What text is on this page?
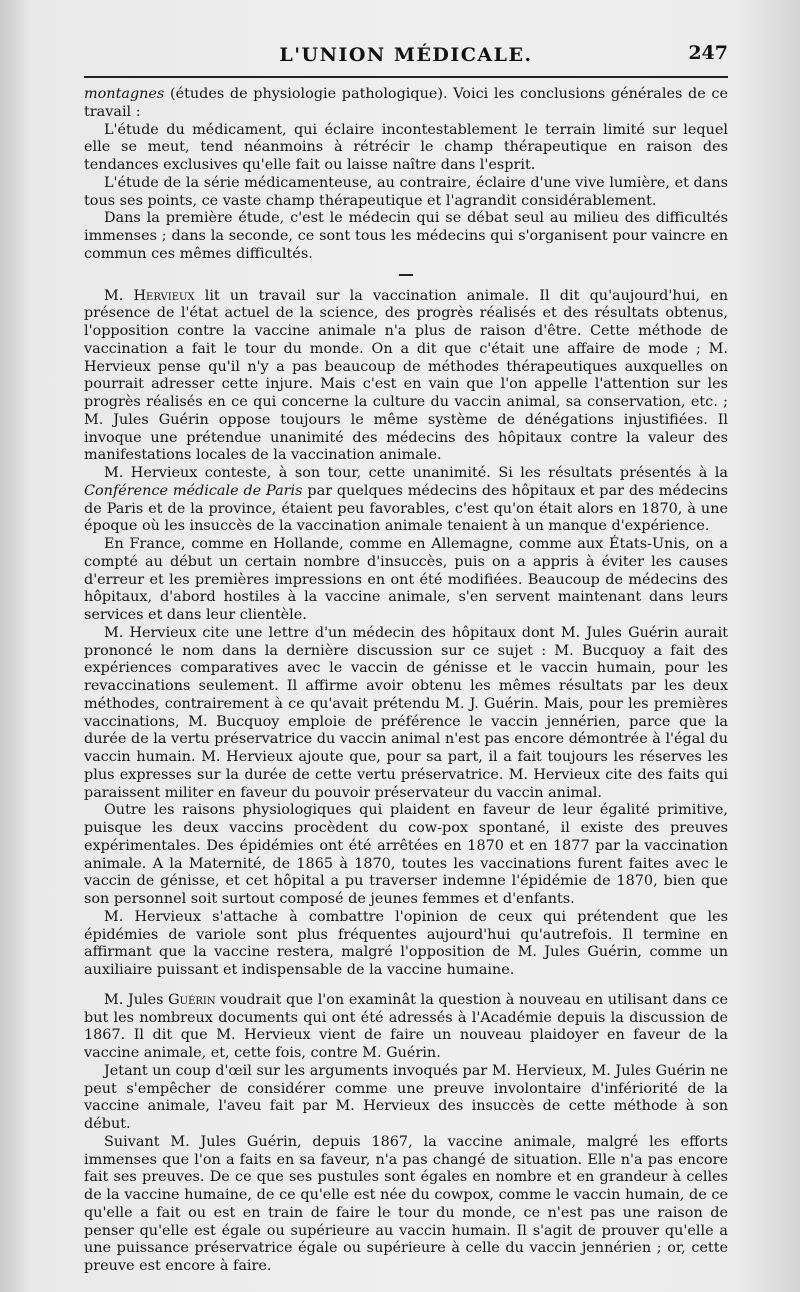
L'UNION MÉDICALE.	247

montagnes (études de physiologie pathologique). Voici les conclusions générales de ce travail :

L'étude du médicament, qui éclaire incontestablement le terrain limité sur lequel elle se meut, tend néanmoins à rétrécir le champ thérapeutique en raison des tendances exclusives qu'elle fait ou laisse naître dans l'esprit.

L'étude de la série médicamenteuse, au contraire, éclaire d'une vive lumière, et dans tous ses points, ce vaste champ thérapeutique et l'agrandit considérablement.

Dans la première étude, c'est le médecin qui se débat seul au milieu des difficultés immenses ; dans la seconde, ce sont tous les médecins qui s'organisent pour vaincre en commun ces mêmes difficultés.

M. Hervieux lit un travail sur la vaccination animale. Il dit qu'aujourd'hui, en présence de l'état actuel de la science, des progrès réalisés et des résultats obtenus, l'opposition contre la vaccine animale n'a plus de raison d'être. Cette méthode de vaccination a fait le tour du monde. On a dit que c'était une affaire de mode ; M. Hervieux pense qu'il n'y a pas beaucoup de méthodes thérapeutiques auxquelles on pourrait adresser cette injure. Mais c'est en vain que l'on appelle l'attention sur les progrès réalisés en ce qui concerne la culture du vaccin animal, sa conservation, etc. ; M. Jules Guérin oppose toujours le même système de dénégations injustifiées. Il invoque une prétendue unanimité des médecins des hôpitaux contre la valeur des manifestations locales de la vaccination animale.

M. Hervieux conteste, à son tour, cette unanimité. Si les résultats présentés à la Conférence médicale de Paris par quelques médecins des hôpitaux et par des médecins de Paris et de la province, étaient peu favorables, c'est qu'on était alors en 1870, à une époque où les insuccès de la vaccination animale tenaient à un manque d'expérience.

En France, comme en Hollande, comme en Allemagne, comme aux États-Unis, on a compté au début un certain nombre d'insuccès, puis on a appris à éviter les causes d'erreur et les premières impressions en ont été modifiées. Beaucoup de médecins des hôpitaux, d'abord hostiles à la vaccine animale, s'en servent maintenant dans leurs services et dans leur clientèle.

M. Hervieux cite une lettre d'un médecin des hôpitaux dont M. Jules Guérin aurait prononcé le nom dans la dernière discussion sur ce sujet : M. Bucquoy a fait des expériences comparatives avec le vaccin de génisse et le vaccin humain, pour les revaccinations seulement. Il affirme avoir obtenu les mêmes résultats par les deux méthodes, contrairement à ce qu'avait prétendu M. J. Guérin. Mais, pour les premières vaccinations, M. Bucquoy emploie de préférence le vaccin jennérien, parce que la durée de la vertu préservatrice du vaccin animal n'est pas encore démontrée à l'égal du vaccin humain. M. Hervieux ajoute que, pour sa part, il a fait toujours les réserves les plus expresses sur la durée de cette vertu préservatrice. M. Hervieux cite des faits qui paraissent militer en faveur du pouvoir préservateur du vaccin animal.

Outre les raisons physiologiques qui plaident en faveur de leur égalité primitive, puisque les deux vaccins procèdent du cow-pox spontané, il existe des preuves expérimentales. Des épidémies ont été arrêtées en 1870 et en 1877 par la vaccination animale. A la Maternité, de 1865 à 1870, toutes les vaccinations furent faites avec le vaccin de génisse, et cet hôpital a pu traverser indemne l'épidémie de 1870, bien que son personnel soit surtout composé de jeunes femmes et d'enfants.

M. Hervieux s'attache à combattre l'opinion de ceux qui prétendent que les épidémies de variole sont plus fréquentes aujourd'hui qu'autrefois. Il termine en affirmant que la vaccine restera, malgré l'opposition de M. Jules Guérin, comme un auxiliaire puissant et indispensable de la vaccine humaine.

M. Jules Guérin voudrait que l'on examinât la question à nouveau en utilisant dans ce but les nombreux documents qui ont été adressés à l'Académie depuis la discussion de 1867. Il dit que M. Hervieux vient de faire un nouveau plaidoyer en faveur de la vaccine animale, et, cette fois, contre M. Guérin.

Jetant un coup d'œil sur les arguments invoqués par M. Hervieux, M. Jules Guérin ne peut s'empêcher de considérer comme une preuve involontaire d'infériorité de la vaccine animale, l'aveu fait par M. Hervieux des insuccès de cette méthode à son début.

Suivant M. Jules Guérin, depuis 1867, la vaccine animale, malgré les efforts immenses que l'on a faits en sa faveur, n'a pas changé de situation. Elle n'a pas encore fait ses preuves. De ce que ses pustules sont égales en nombre et en grandeur à celles de la vaccine humaine, de ce qu'elle est née du cowpox, comme le vaccin humain, de ce qu'elle a fait ou est en train de faire le tour du monde, ce n'est pas une raison de penser qu'elle est égale ou supérieure au vaccin humain. Il s'agit de prouver qu'elle a une puissance préservatrice égale ou supérieure à celle du vaccin jennérien ; or, cette preuve est encore à faire.
